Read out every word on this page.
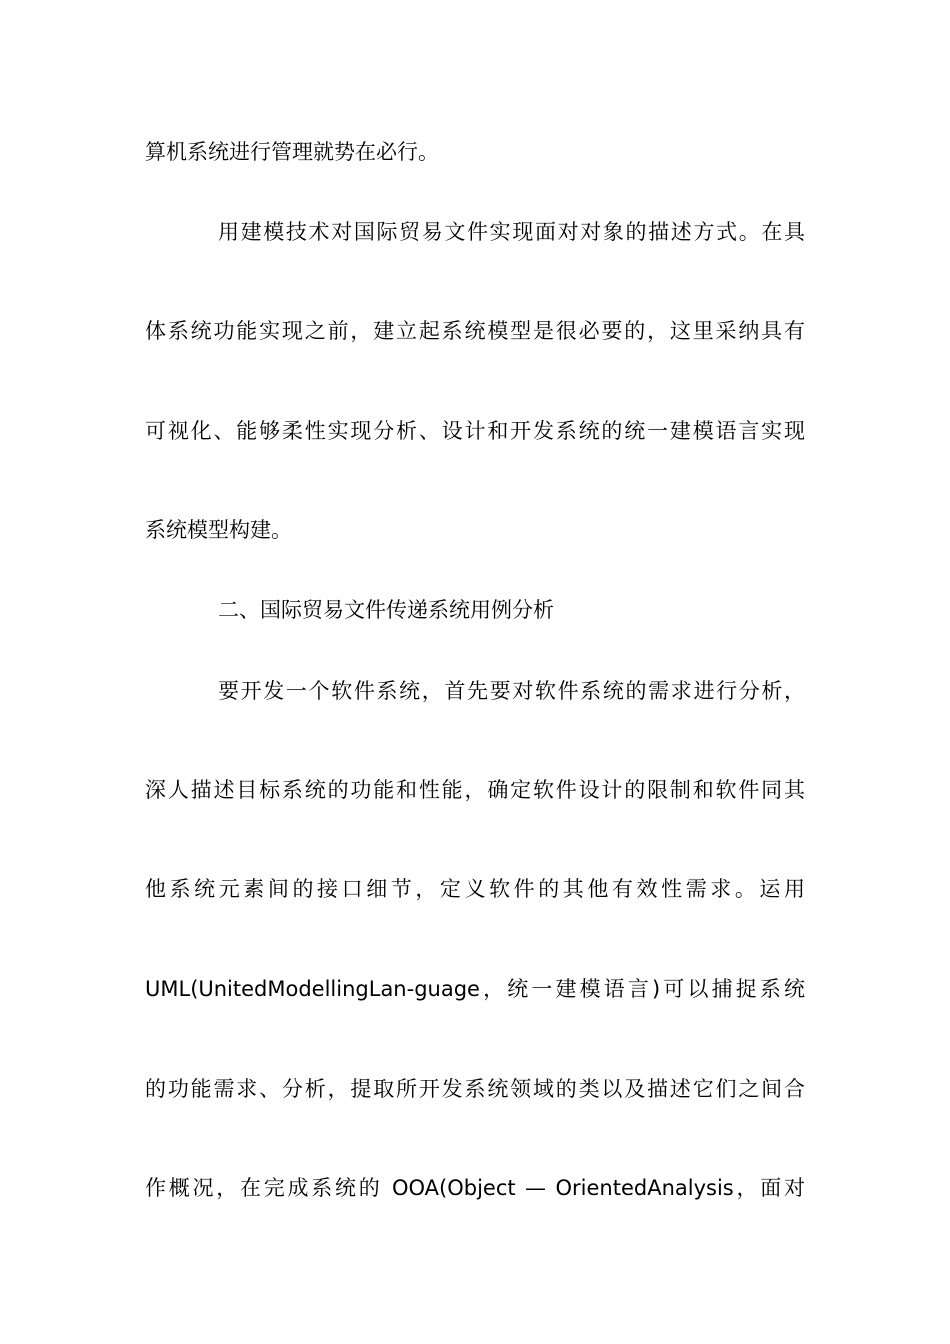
算机系统进行管理就势在必行。
用建模技术对国际贸易文件实现面对对象的描述方式。在具
体系统功能实现之前，建立起系统模型是很必要的，这里采纳具有
可视化、能够柔性实现分析、设计和开发系统的统一建模语言实现
系统模型构建。
二、国际贸易文件传递系统用例分析
要开发一个软件系统，首先要对软件系统的需求进行分析，
深人描述目标系统的功能和性能，确定软件设计的限制和软件同其
他系统元素间的接口细节，定义软件的其他有效性需求。运用
UML(UnitedModellingLan-guage，统一建模语言)可以捕捉系统
的功能需求、分析，提取所开发系统领域的类以及描述它们之间合
作概况，在完成系统的 OOA(Object — OrientedAnalysis，面对
